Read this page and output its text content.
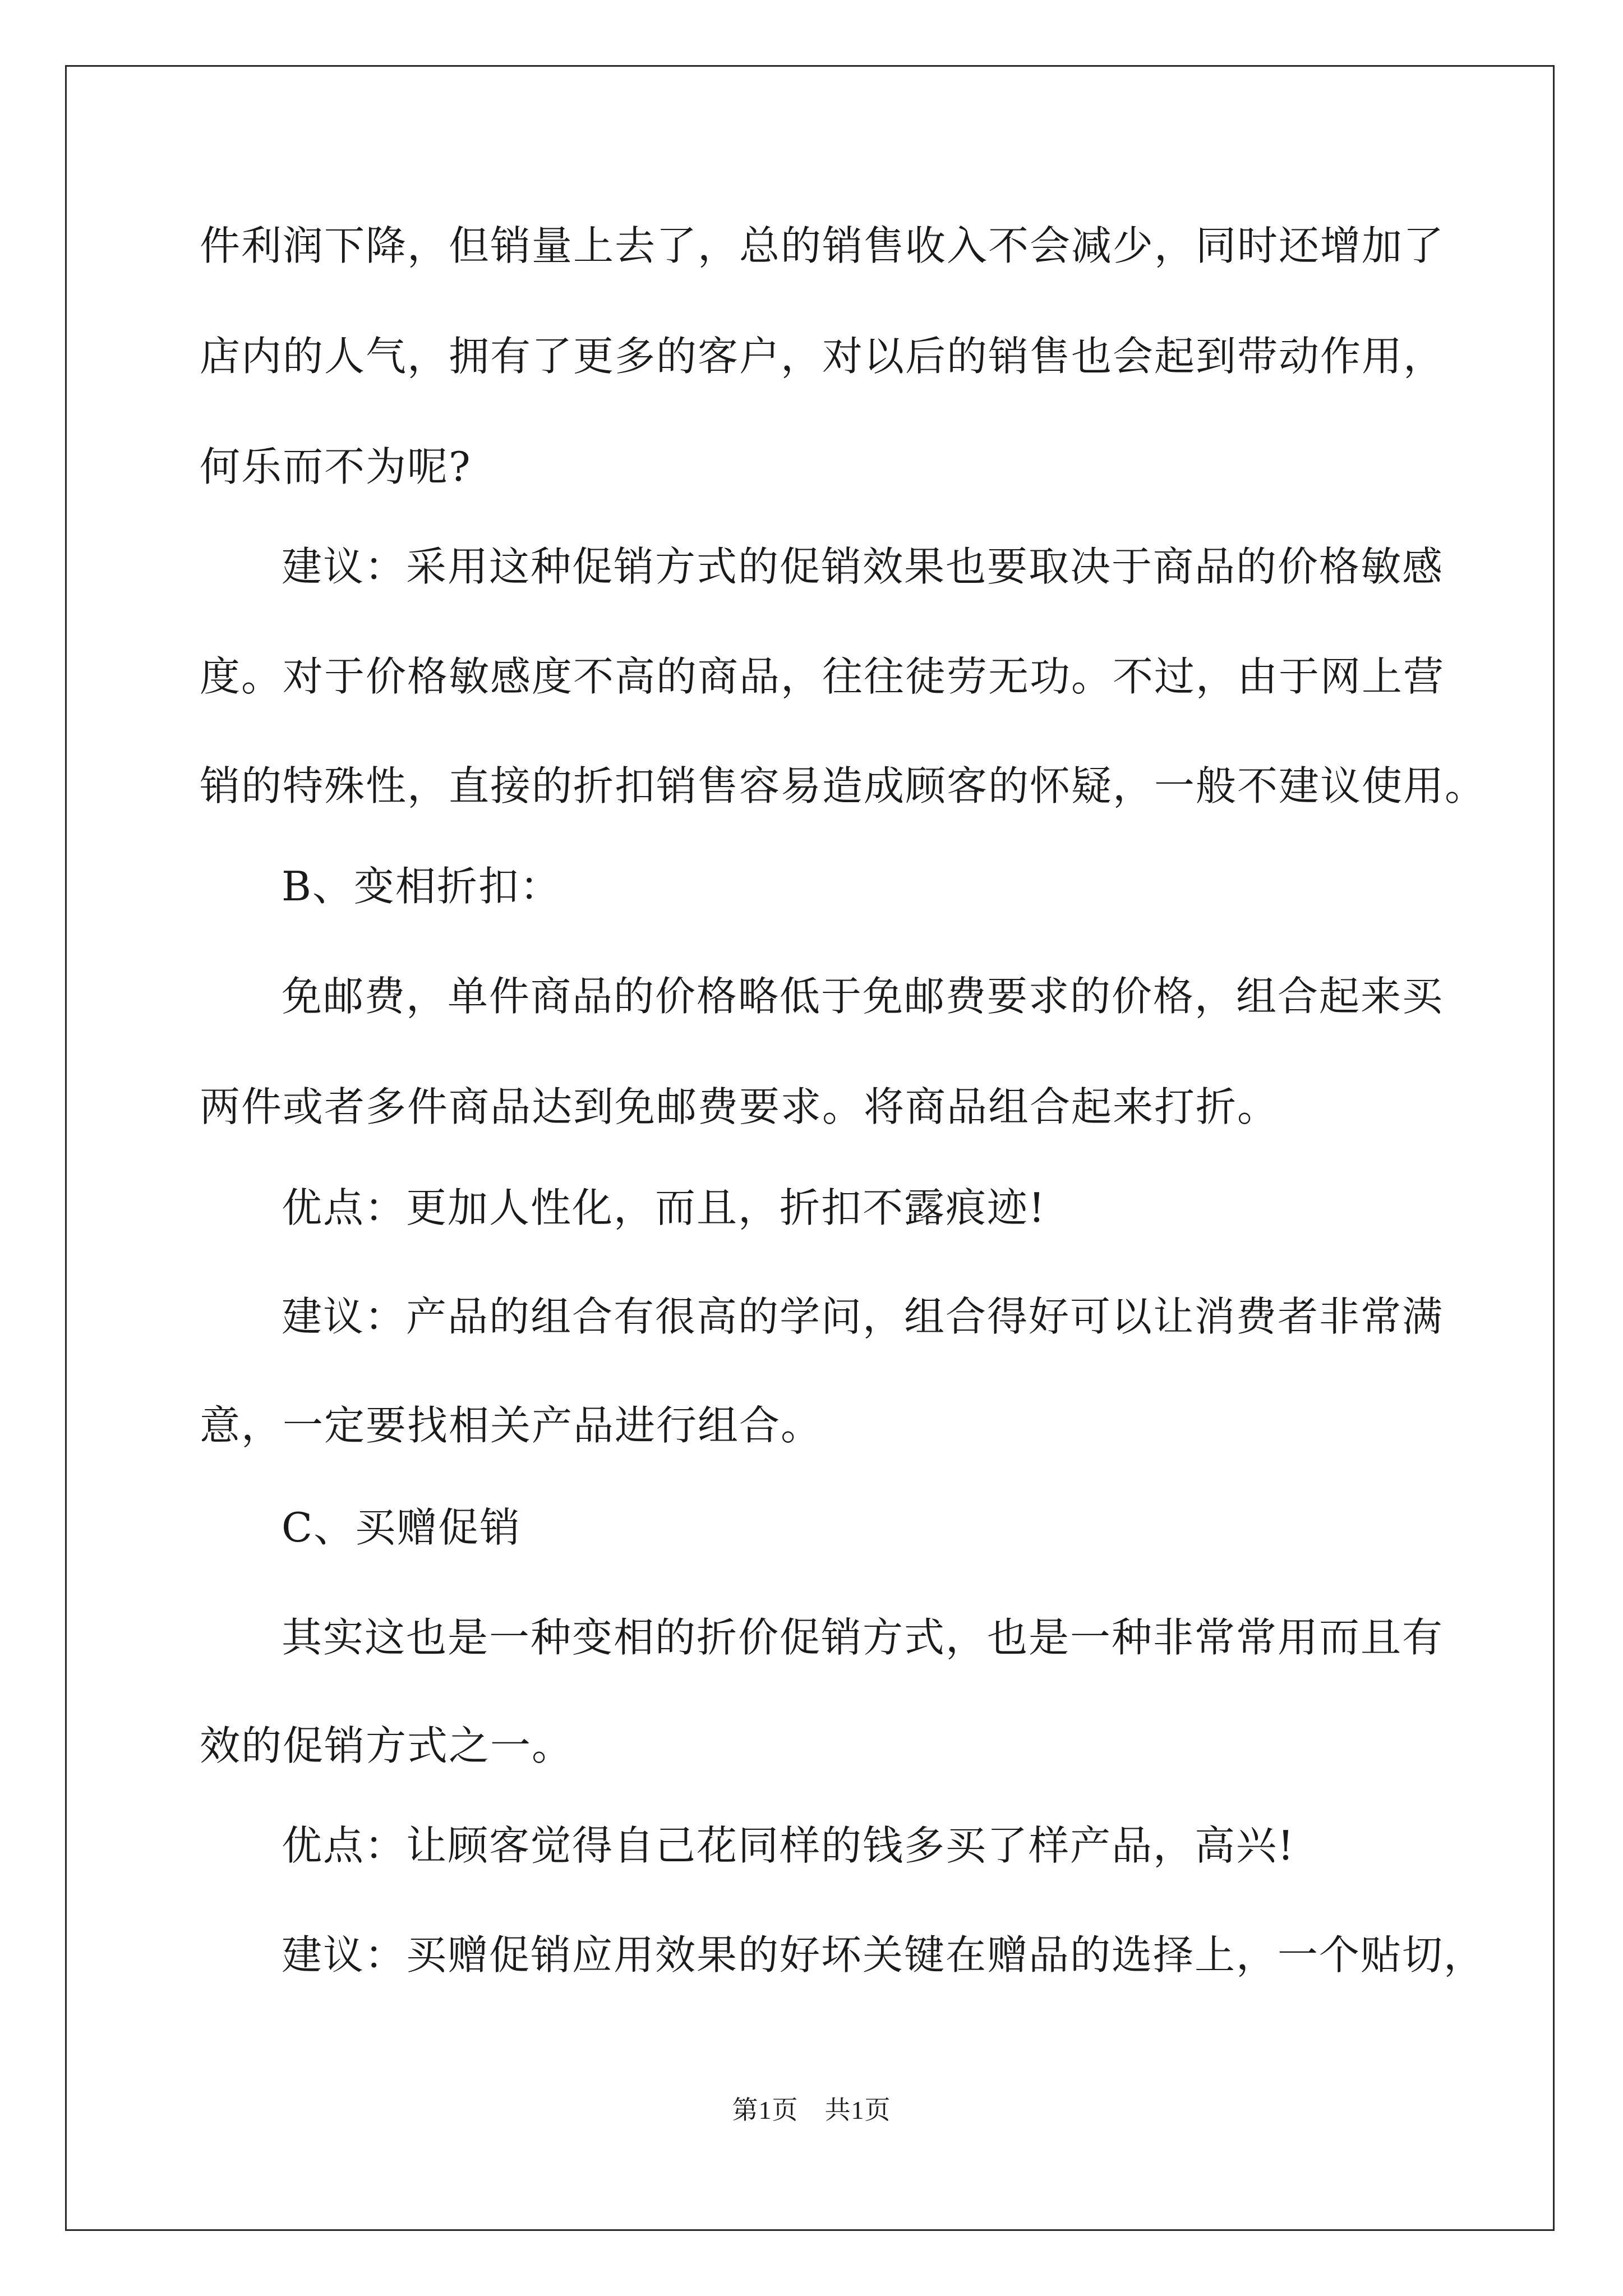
件利润下降，但销量上去了，总的销售收入不会减少，同时还增加了
店内的人气，拥有了更多的客户，对以后的销售也会起到带动作用，
何乐而不为呢?
建议：采用这种促销方式的促销效果也要取决于商品的价格敏感
度。对于价格敏感度不高的商品，往往徒劳无功。不过，由于网上营
销的特殊性，直接的折扣销售容易造成顾客的怀疑，一般不建议使用。
B、变相折扣：
免邮费，单件商品的价格略低于免邮费要求的价格，组合起来买
两件或者多件商品达到免邮费要求。将商品组合起来打折。
优点：更加人性化，而且，折扣不露痕迹!
建议：产品的组合有很高的学问，组合得好可以让消费者非常满
意，一定要找相关产品进行组合。
C、买赠促销
其实这也是一种变相的折价促销方式，也是一种非常常用而且有
效的促销方式之一。
优点：让顾客觉得自己花同样的钱多买了样产品，高兴!
建议：买赠促销应用效果的好坏关键在赠品的选择上，一个贴切，
第1页　共1页
